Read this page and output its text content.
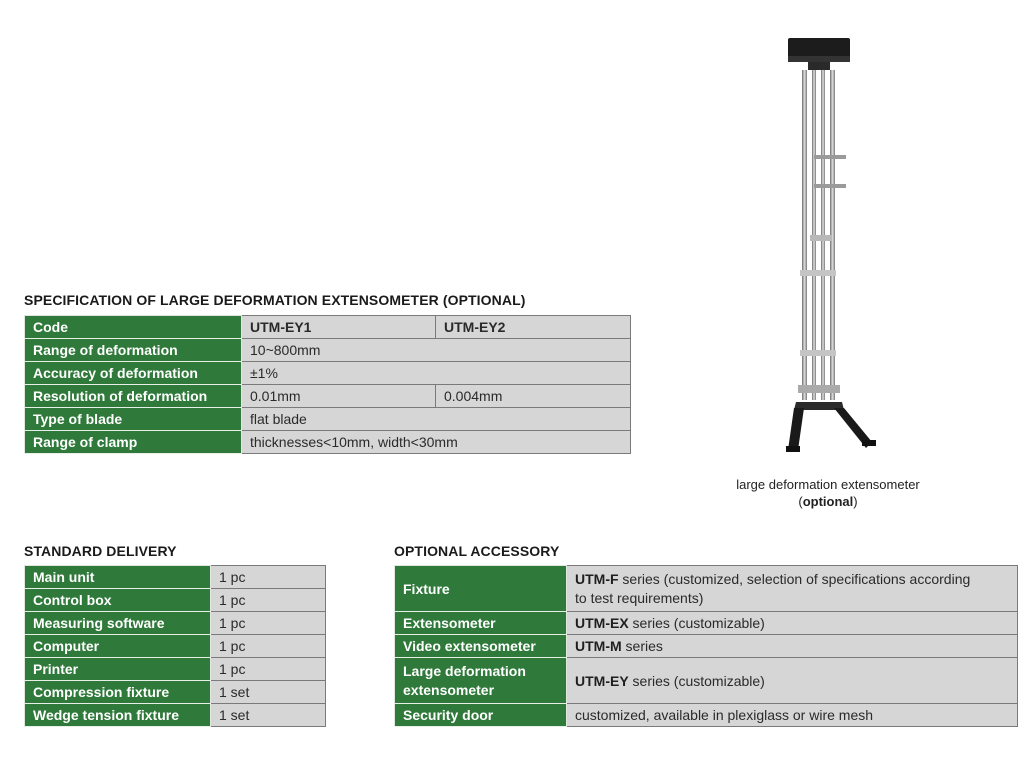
SPECIFICATION OF LARGE DEFORMATION EXTENSOMETER (OPTIONAL)
Code	UTM-EY1	UTM-EY2
Range of deformation	10~800mm	
Accuracy of deformation	±1%	
Resolution of deformation	0.01mm	0.004mm
Type of blade	flat blade	
Range of clamp	thicknesses<10mm, width<30mm	
large deformation extensometer
(optional)
STANDARD DELIVERY
Main unit	1 pc
Control box	1 pc
Measuring software	1 pc
Computer	1 pc
Printer	1 pc
Compression fixture	1 set
Wedge tension fixture	1 set
OPTIONAL ACCESSORY
Fixture	UTM-F series (customized, selection of specifications according to test requirements)
Extensometer	UTM-EX series (customizable)
Video extensometer	UTM-M series
Large deformation extensometer	UTM-EY series (customizable)
Security door	customized, available in plexiglass or wire mesh
